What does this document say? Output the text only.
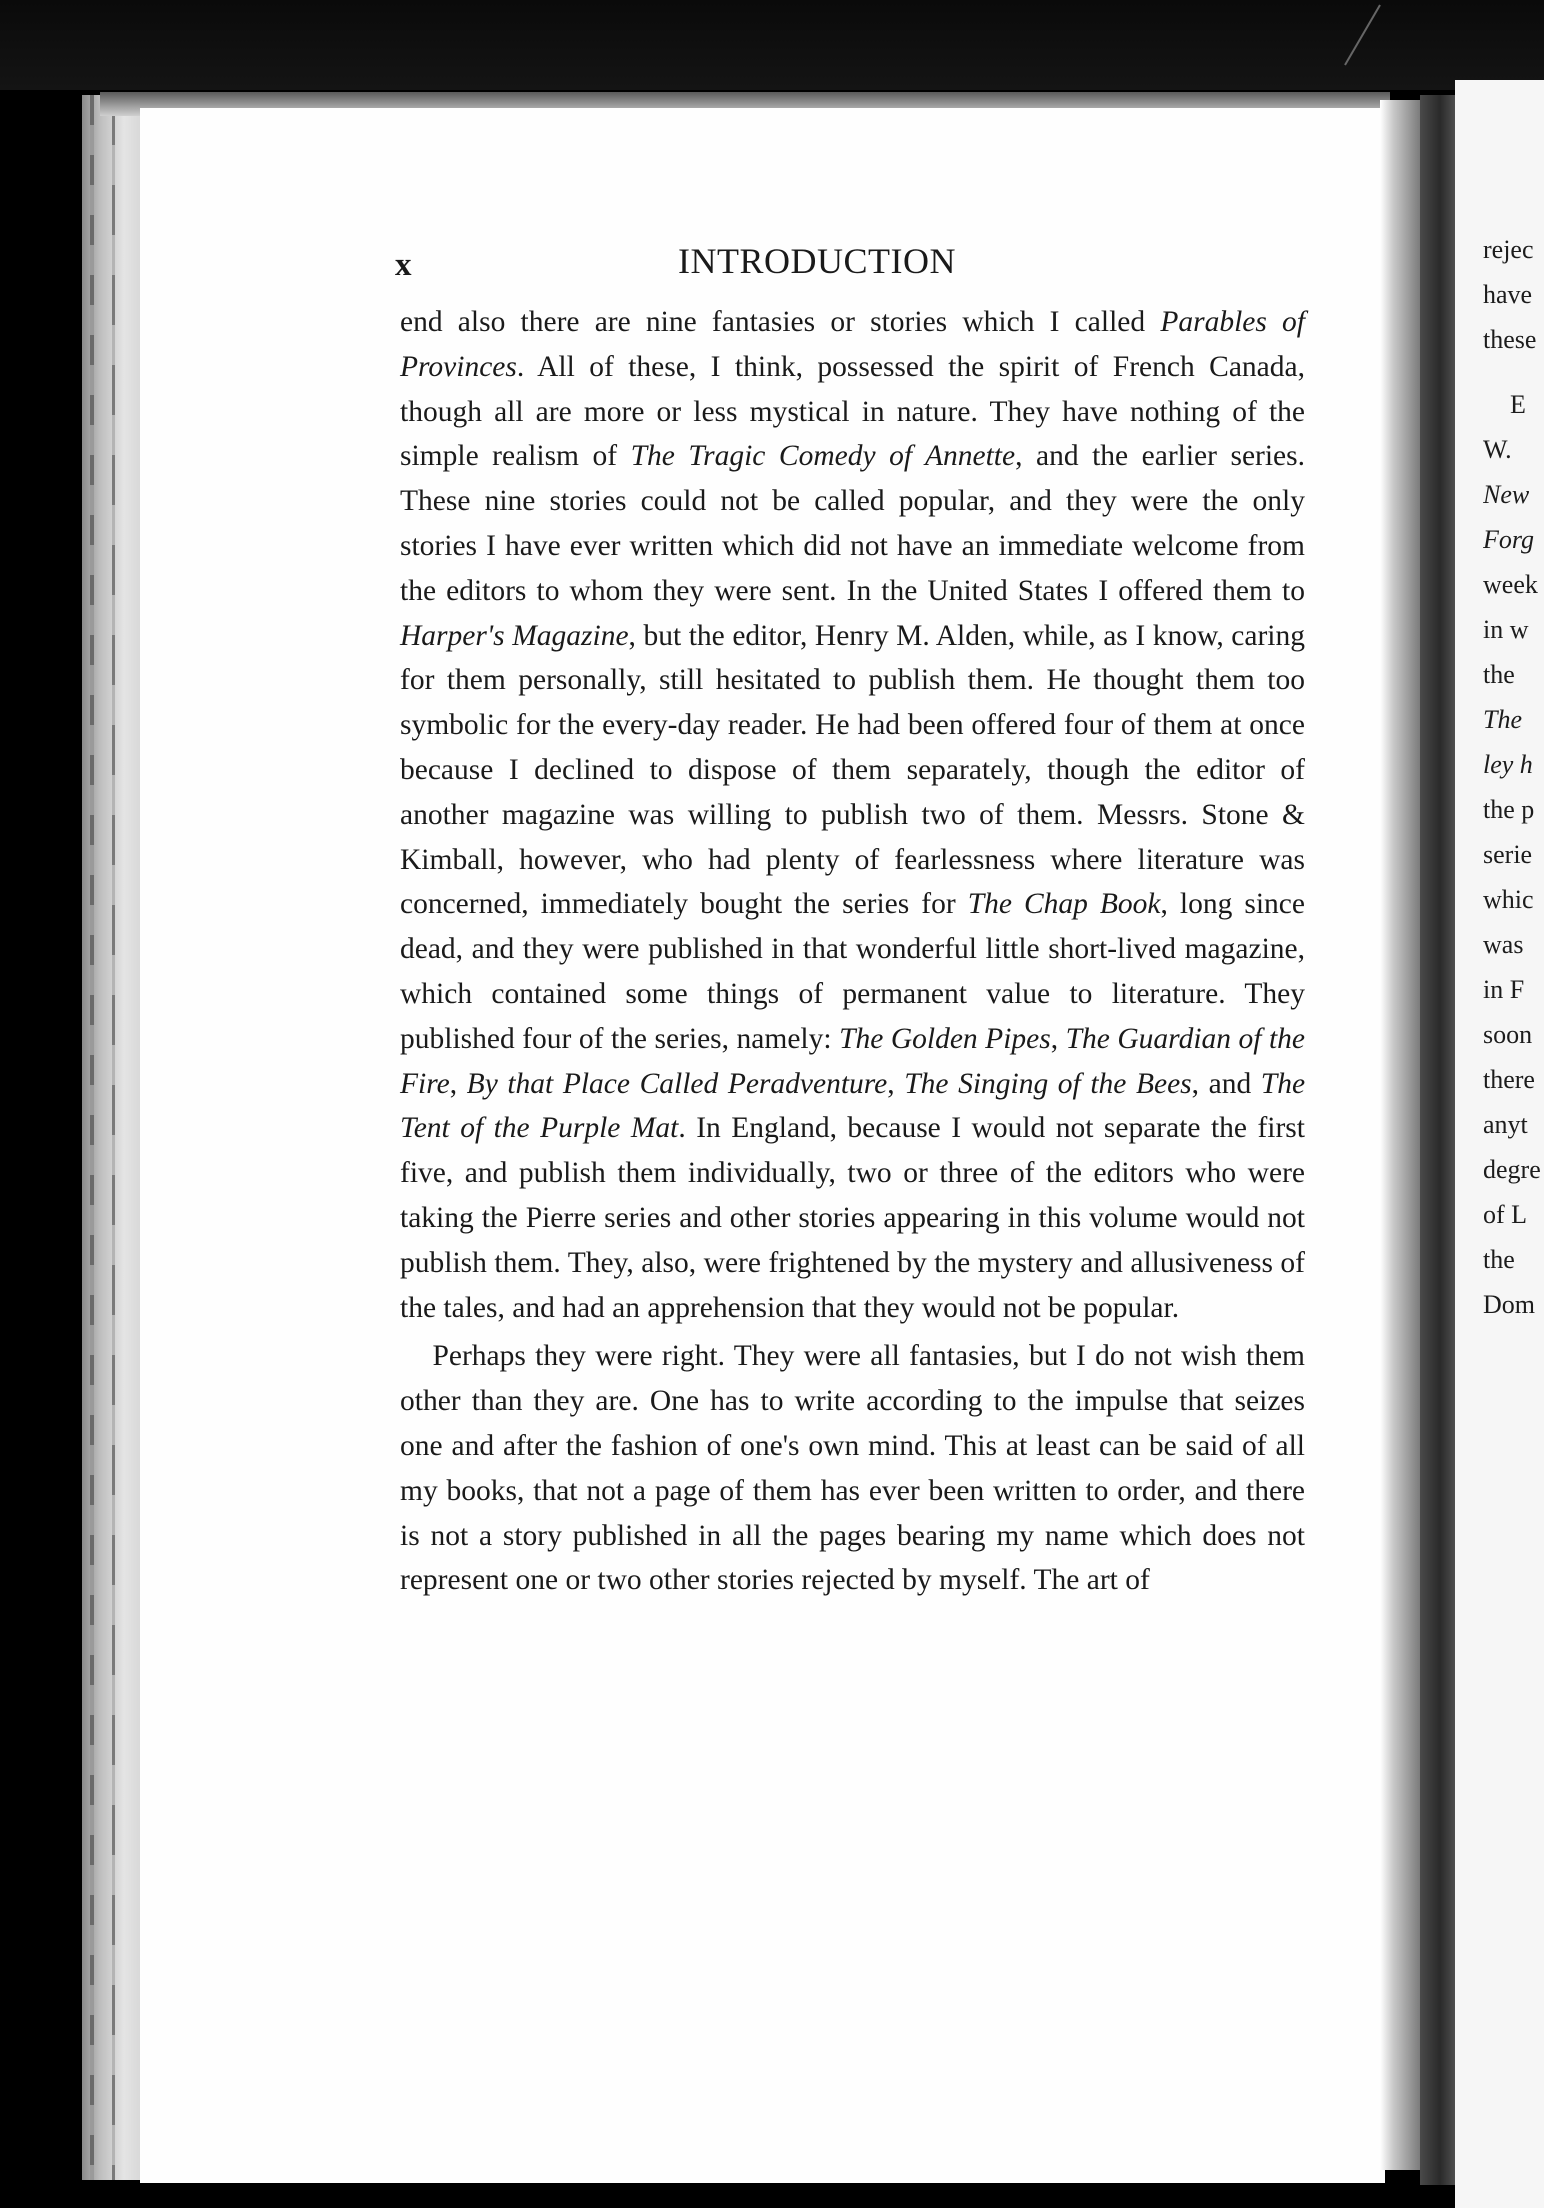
rejec
have
these
E
W.
New
Forg
week
in w
the
The
ley h
the p
serie
whic
was
in F
soon
there
anyt
degre
of L
the
Dom
x	INTRODUCTION

end also there are nine fantasies or stories which I called Parables of Provinces. All of these, I think, possessed the spirit of French Canada, though all are more or less mystical in nature. They have nothing of the simple realism of The Tragic Comedy of Annette, and the earlier series. These nine stories could not be called popular, and they were the only stories I have ever written which did not have an immediate welcome from the editors to whom they were sent. In the United States I offered them to Harper's Magazine, but the editor, Henry M. Alden, while, as I know, caring for them personally, still hesitated to publish them. He thought them too symbolic for the every-day reader. He had been offered four of them at once because I declined to dispose of them separately, though the editor of another magazine was willing to publish two of them. Messrs. Stone & Kimball, however, who had plenty of fearlessness where literature was concerned, immediately bought the series for The Chap Book, long since dead, and they were published in that wonderful little short-lived magazine, which contained some things of permanent value to literature. They published four of the series, namely: The Golden Pipes, The Guardian of the Fire, By that Place Called Peradventure, The Singing of the Bees, and The Tent of the Purple Mat. In England, because I would not separate the first five, and publish them individually, two or three of the editors who were taking the Pierre series and other stories appearing in this volume would not publish them. They, also, were frightened by the mystery and allusiveness of the tales, and had an apprehension that they would not be popular.

Perhaps they were right. They were all fantasies, but I do not wish them other than they are. One has to write according to the impulse that seizes one and after the fashion of one's own mind. This at least can be said of all my books, that not a page of them has ever been written to order, and there is not a story published in all the pages bearing my name which does not represent one or two other stories rejected by myself. The art of
